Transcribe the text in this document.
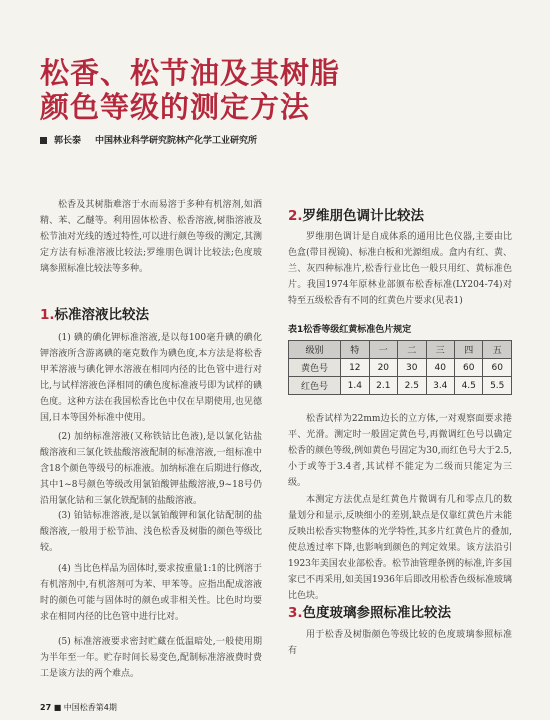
松香、松节油及其树脂
颜色等级的测定方法
郭长泰 中国林业科学研究院林产化学工业研究所

松香及其树脂难溶于水而易溶于多种有机溶剂,如酒精、苯、乙醚等。利用固体松香、松香溶液,树脂溶液及松节油对光线的透过特性,可以进行颜色等级的测定,其测定方法有标准溶液比较法;罗维朋色调计比较法;色度玻璃参照标准比较法等多种。

1.标准溶液比较法

(1) 碘的碘化钾标准溶液,是以每100毫升碘的碘化钾溶液所含游离碘的毫克数作为碘色度,本方法是将松香甲苯溶液与碘化钾水溶液在相同内径的比色管中进行对比,与试样溶液色泽相同的碘色度标准液号即为试样的碘色度。这种方法在我国松香比色中仅在早期使用,也见德国,日本等国外标准中使用。

(2) 加纳标准溶液(又称铁钴比色液),是以氯化钴盐酸溶液和三氯化铁盐酸溶液配制的标准溶液,一组标准中含18个颜色等级号的标准液。加纳标准在后期进行修改,其中1~8号颜色等级改用氯铂酸钾盐酸溶液,9~18号仍沿用氯化钴和三氯化铁配制的盐酸溶液。

(3) 铂钴标准溶液,是以氯铂酸钾和氯化钴配制的盐酸溶液,一般用于松节油、浅色松香及树脂的颜色等级比较。

(4) 当比色样品为固体时,要求按重量1:1的比例溶于有机溶剂中,有机溶剂可为苯、甲苯等。应指出配成溶液时的颜色可能与固体时的颜色或非相关性。比色时均要求在相同内径的比色管中进行比对。

(5) 标准溶液要求密封贮藏在低温暗处,一般使用期为半年至一年。贮存时间长易变色,配制标准溶液费时费工是该方法的两个难点。

2.罗维朋色调计比较法

罗维朋色调计是自成体系的通用比色仪器,主要由比色盒(带目视镜)、标准白板和光源组成。盒内有红、黄、兰、灰四种标准片,松香行业比色一般只用红、黄标准色片。我国1974年原林业部颁布松香标准(LY204-74)对特至五级松香有不同的红黄色片要求(见表1)

表1松香等级红黄标准色片规定
级别	特	一	二	三	四	五
黄色号	12	20	30	40	60	60
红色号	1.4	2.1	2.5	3.4	4.5	5.5

松香试样为22mm边长的立方体,一对观察面要求捲平、光滑。测定时一般固定黄色号,再微调红色号以确定松香的颜色等级,例如黄色号固定为30,而红色号大于2.5,小于或等于3.4者,其试样不能定为二级而只能定为三级。

本测定方法优点是红黄色片微调有几和零点几的数量划分和显示,反映细小的差别,缺点是仅靠红黄色片未能反映出松香实物整体的光学特性,其多片红黄色片的叠加,使总透过率下降,也影响到颜色的判定效果。该方法沿引1923年美国农业部松香。松节油管理条例的标准,许多国家已不再采用,如美国1936年后即改用松香色级标准玻璃比色块。

3.色度玻璃参照标准比较法

用于松香及树脂颜色等级比较的色度玻璃参照标准有

27 ■ 中国松香第4期
